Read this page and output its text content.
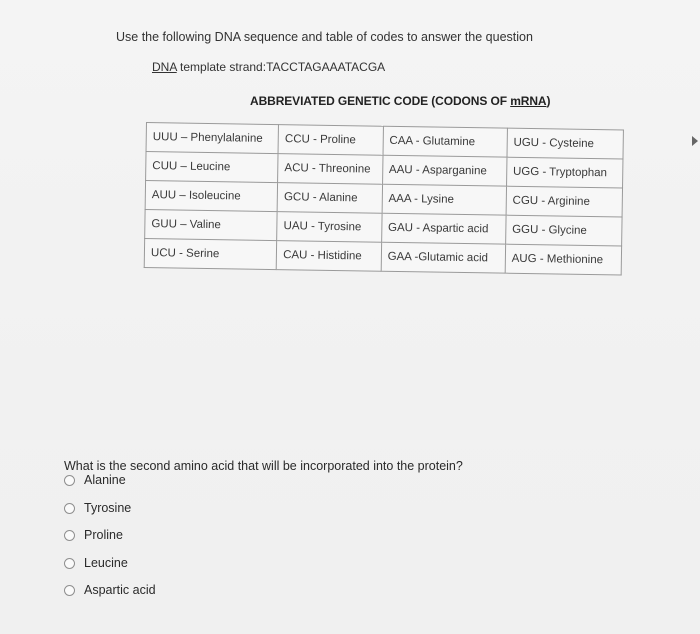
Use the following DNA sequence and table of codes to answer the question
DNA template strand:TACCTAGAAATACGA
ABBREVIATED GENETIC CODE (CODONS OF mRNA)
UUU – Phenylalanine	CCU - Proline	CAA - Glutamine	UGU - Cysteine
CUU – Leucine	ACU - Threonine	AAU - Asparganine	UGG - Tryptophan
AUU – Isoleucine	GCU - Alanine	AAA - Lysine	CGU - Arginine
GUU – Valine	UAU - Tyrosine	GAU - Aspartic acid	GGU - Glycine
UCU - Serine	CAU - Histidine	GAA -Glutamic acid	AUG - Methionine
What is the second amino acid that will be incorporated into the protein?
Alanine
Tyrosine
Proline
Leucine
Aspartic acid
